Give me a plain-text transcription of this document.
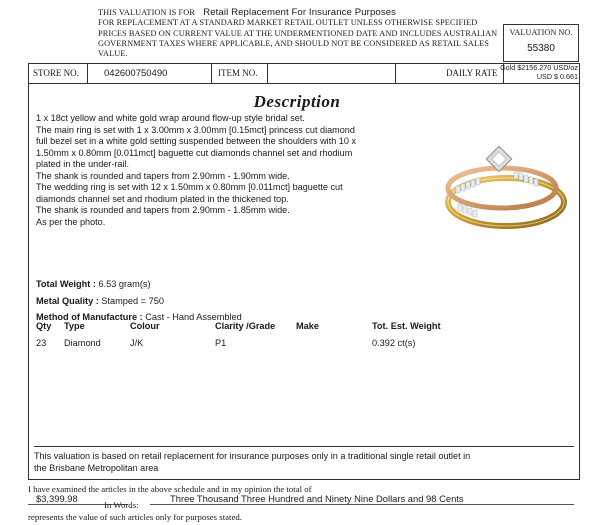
THIS VALUATION IS FOR Retail Replacement For Insurance Purposes
FOR REPLACEMENT AT A STANDARD MARKET RETAIL OUTLET UNLESS OTHERWISE SPECIFIED
PRICES BASED ON CURRENT VALUE AT THE UNDERMENTIONED DATE AND INCLUDES AUSTRALIAN
GOVERNMENT TAXES WHERE APPLICABLE, AND SHOULD NOT BE CONSIDERED AS RETAIL SALES VALUE.
VALUATION NO.
55380
STORE NO.	042600750490	ITEM NO.	DAILY RATE
Gold $2156.270 USD/oz
USD $ 0.661
Description
1 x 18ct yellow and white gold wrap around flow-up style bridal set.
The main ring is set with 1 x 3.00mm x 3.00mm [0.15mct] princess cut diamond
full bezel set in a white gold setting suspended between the shoulders with 10 x
1.50mm x 0.80mm [0.011mct] baguette cut diamonds channel set and rhodium
plated in the under-rail.
The shank is rounded and tapers from 2.90mm - 1.90mm wide.
The wedding ring is set with 12 x 1.50mm x 0.80mm [0.011mct] baguette cut
diamonds channel set and rhodium plated in the thickened top.
The shank is rounded and tapers from 2.90mm - 1.85mm wide.
As per the photo.
Total Weight : 6.53 gram(s)
Metal Quality : Stamped = 750
Method of Manufacture : Cast - Hand Assembled
Qty Type	Colour	Clarity /Grade Make	Tot. Est. Weight
23 Diamond	J/K	P1	0.392 ct(s)
This valuation is based on retail replacement for insurance purposes only in a traditional single retail outlet in
the Brisbane Metropolitan area
I have examined the articles in the above schedule and in my opinion the total of
$3,399.98
In Words:
Three Thousand Three Hundred and Ninety Nine Dollars and 98 Cents
represents the value of such articles only for purposes stated.
